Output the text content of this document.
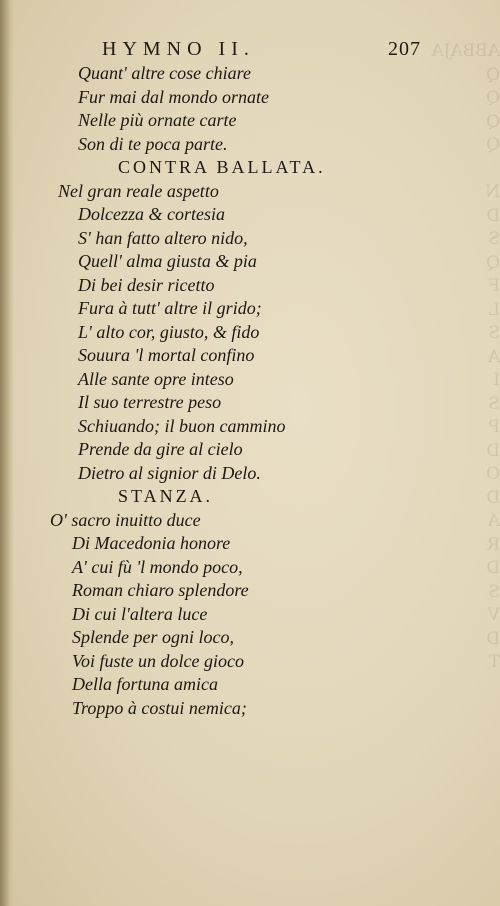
ABBAJA
Q
Q
Q
Q
N
D
S
Q
F
L
S
A
I
S
P
D
O
D
A
R
D
S
V
D
T
HYMNO II.	207
Quant' altre cose chiare
Fur mai dal mondo ornate
Nelle più ornate carte
Son di te poca parte.
CONTRA BALLATA.
Nel gran reale aspetto
Dolcezza & cortesia
S' han fatto altero nido,
Quell' alma giusta & pia
Di bei desir ricetto
Fura à tutt' altre il grido;
L' alto cor, giusto, & fido
Souura 'l mortal confino
Alle sante opre inteso
Il suo terrestre peso
Schiuando; il buon cammino
Prende da gire al cielo
Dietro al signior di Delo.
STANZA.
O' sacro inuitto duce
Di Macedonia honore
A' cui fù 'l mondo poco,
Roman chiaro splendore
Di cui l'altera luce
Splende per ogni loco,
Voi fuste un dolce gioco
Della fortuna amica
Troppo à costui nemica;
